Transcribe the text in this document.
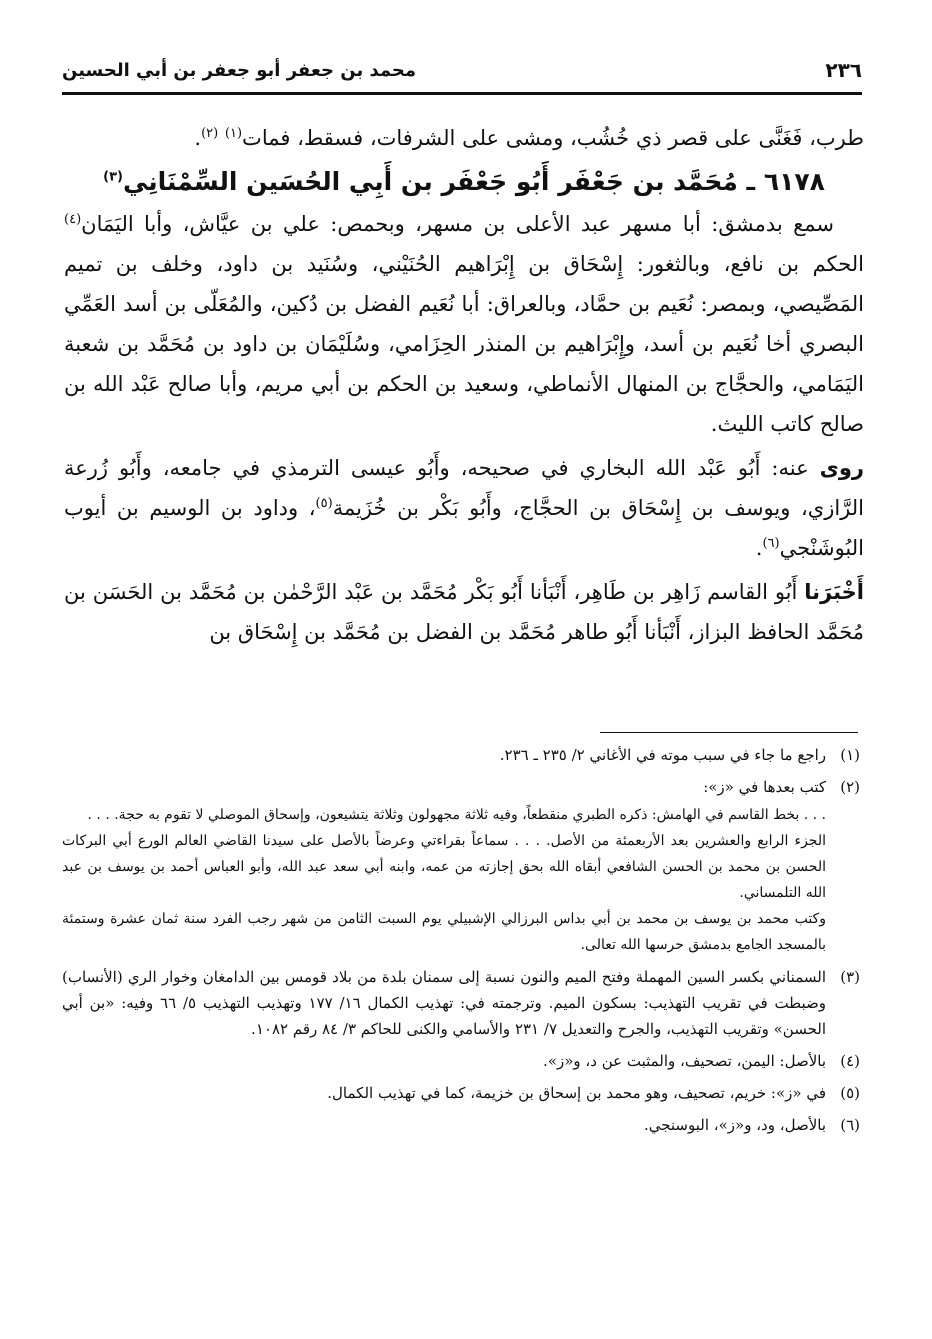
٢٣٦
محمد بن جعفر أبو جعفر بن أبي الحسين

طرب، فَغَنَّى على قصر ذي خُشُب، ومشى على الشرفات، فسقط، فمات$^{(١)}$ $^{(٢)}$.

٦١٧٨ ـ مُحَمَّد بن جَعْفَر أَبُو جَعْفَر بن أَبِي الحُسَين السِّمْنَانِي$^{(٣)}$

سمع بدمشق: أبا مسهر عبد الأعلى بن مسهر، وبحمص: علي بن عيَّاش، وأبا اليَمَان$^{(٤)}$ الحكم بن نافع، وبالثغور: إِسْحَاق بن إِبْرَاهيم الحُنَيْني، وسُنَيد بن داود، وخلف بن تميم المَصِّيصي، وبمصر: نُعَيم بن حمَّاد، وبالعراق: أبا نُعَيم الفضل بن دُكين، والمُعَلّى بن أسد العَمِّي البصري أخا نُعَيم بن أسد، وإِبْرَاهيم بن المنذر الحِزَامي، وسُلَيْمَان بن داود بن مُحَمَّد بن شعبة اليَمَامي، والحجَّاج بن المنهال الأنماطي، وسعيد بن الحكم بن أبي مريم، وأبا صالح عَبْد الله بن صالح كاتب الليث.

روى عنه: أَبُو عَبْد الله البخاري في صحيحه، وأَبُو عيسى الترمذي في جامعه، وأَبُو زُرعة الرَّازي، ويوسف بن إِسْحَاق بن الحجَّاج، وأَبُو بَكْر بن خُزَيمة$^{(٥)}$، وداود بن الوسيم بن أيوب البُوشَنْجي$^{(٦)}$.

أَخْبَرَنا أَبُو القاسم زَاهِر بن طَاهِر، أَنْبَأنا أَبُو بَكْر مُحَمَّد بن عَبْد الرَّحْمٰن بن مُحَمَّد بن الحَسَن بن مُحَمَّد الحافظ البزاز، أَنْبَأنا أَبُو طاهر مُحَمَّد بن الفضل بن مُحَمَّد بن إِسْحَاق بن

(١)
راجع ما جاء في سبب موته في الأغاني ٢/ ٢٣٥ ـ ٢٣٦.
(٢)
كتب بعدها في «ز»:

. . . بخط القاسم في الهامش: ذكره الطبري منقطعاً، وفيه ثلاثة مجهولون وثلاثة يتشيعون، وإسحاق الموصلي لا تقوم به حجة. . . .

الجزء الرابع والعشرين بعد الأربعمئة من الأصل. . . . سماعاً بقراءتي وعرضاً بالأصل على سيدنا القاضي العالم الورع أبي البركات الحسن بن محمد بن الحسن الشافعي أبقاه الله بحق إجازته من عمه، وابنه أبي سعد عبد الله، وأبو العباس أحمد بن يوسف بن عبد الله التلمساني.

وكتب محمد بن يوسف بن محمد بن أبي بداس البرزالي الإشبيلي يوم السبت الثامن من شهر رجب الفرد سنة ثمان عشرة وستمئة بالمسجد الجامع بدمشق حرسها الله تعالى.

(٣)
السمناني بكسر السين المهملة وفتح الميم والنون نسبة إلى سمنان بلدة من بلاد قومس بين الدامغان وخوار الري (الأنساب) وضبطت في تقريب التهذيب: بسكون الميم. وترجمته في: تهذيب الكمال ١٦/ ١٧٧ وتهذيب التهذيب ٥/ ٦٦ وفيه: «بن أبي الحسن» وتقريب التهذيب، والجرح والتعديل ٧/ ٢٣١ والأسامي والكنى للحاكم ٣/ ٨٤ رقم ١٠٨٢.
(٤)
بالأصل: اليمن، تصحيف، والمثبت عن د، و«ز».
(٥)
في «ز»: خريم، تصحيف، وهو محمد بن إسحاق بن خزيمة، كما في تهذيب الكمال.
(٦)
بالأصل، ود، و«ز»، البوسنجي.
